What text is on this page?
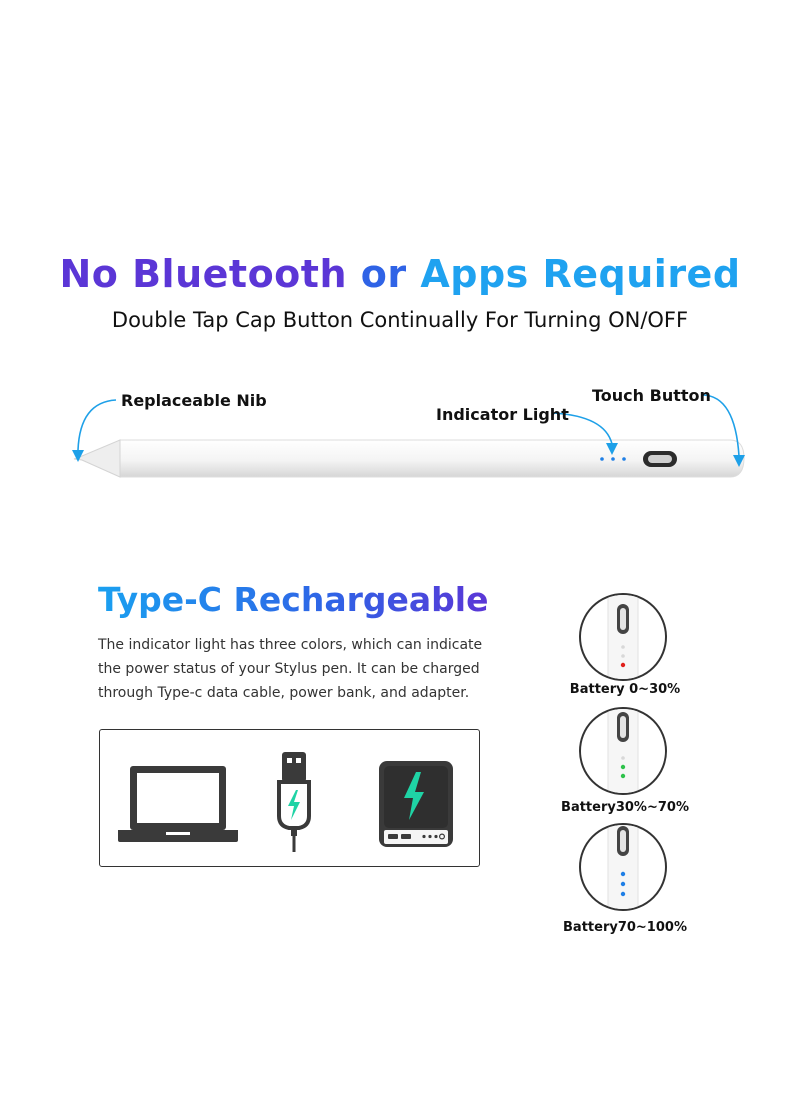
No Bluetooth or Apps Required
Double Tap Cap Button Continually For Turning ON/OFF
Replaceable Nib
Indicator Light
Touch Button
Type-C Rechargeable
The indicator light has three colors, which can indicate the power status of your Stylus pen. It can be charged through Type-c data cable, power bank, and adapter.	Battery 0~30%
Battery30%~70%
Battery70~100%
